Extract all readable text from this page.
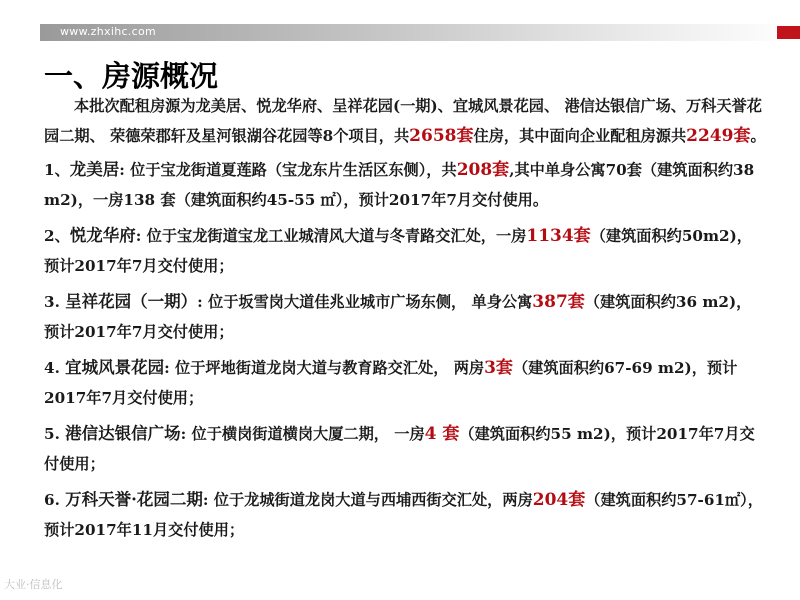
www.zhxihc.com
一、房源概况

本批次配租房源为龙美居、悦龙华府、呈祥花园(一期)、宜城风景花园、 港信达银信广场、万科天誉花园二期、 荣德荣郡轩及星河银湖谷花园等8个项目，共2658套住房，其中面向企业配租房源共2249套。

1、龙美居: 位于宝龙街道夏莲路（宝龙东片生活区东侧），共208套,其中单身公寓70套（建筑面积约38 m2)，一房138 套（建筑面积约45-55 ㎡），预计2017年7月交付使用。

2、悦龙华府: 位于宝龙街道宝龙工业城清风大道与冬青路交汇处，一房1134套（建筑面积约50m2)，预计2017年7月交付使用；

3. 呈祥花园（一期）: 位于坂雪岗大道佳兆业城市广场东侧， 单身公寓387套（建筑面积约36 m2)，预计2017年7月交付使用；

4. 宜城风景花园: 位于坪地街道龙岗大道与教育路交汇处， 两房3套（建筑面积约67-69 m2)，预计2017年7月交付使用；

5. 港信达银信广场: 位于横岗街道横岗大厦二期， 一房4 套（建筑面积约55 m2)，预计2017年7月交付使用；

6. 万科天誉·花园二期: 位于龙城街道龙岗大道与西埔西街交汇处，两房204套（建筑面积约57-61㎡），预计2017年11月交付使用；

大业·信息化
